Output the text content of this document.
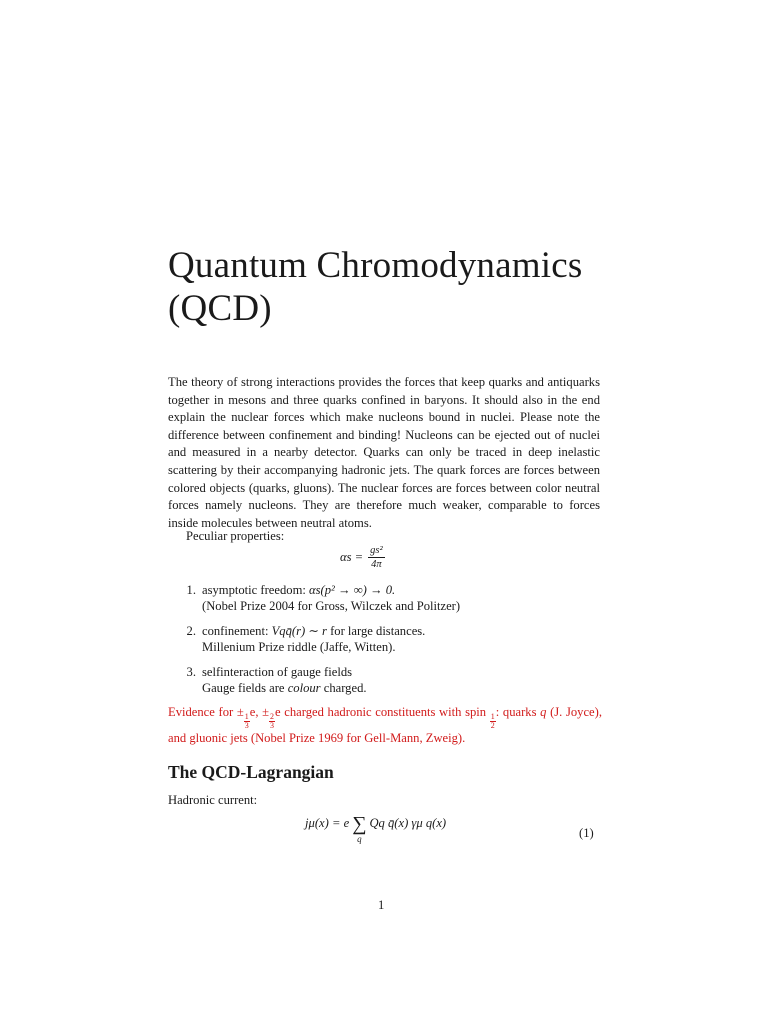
Quantum Chromodynamics (QCD)

The theory of strong interactions provides the forces that keep quarks and antiquarks together in mesons and three quarks confined in baryons. It should also in the end explain the nuclear forces which make nucleons bound in nuclei. Please note the difference between confinement and binding! Nucleons can be ejected out of nuclei and measured in a nearby detector. Quarks can only be traced in deep inelastic scattering by their accompanying hadronic jets. The quark forces are forces between colored objects (quarks, gluons). The nuclear forces are forces between color neutral forces namely nucleons. They are therefore much weaker, comparable to forces inside molecules between neutral atoms.

Peculiar properties:
$\alpha s = \frac{\text{gs²}}{4\pi}$
1. asymptotic freedom: αs(p² → ∞) → 0.
(Nobel Prize 2004 for Gross, Wilczek and Politzer)
2. confinement: Vqq̄(r) ∼ r for large distances.
Millenium Prize riddle (Jaffe, Witten).
3. selfinteraction of gauge fields
Gauge fields are colour charged.

Evidence for ±
$\frac{1}{3}$
e, ±
$\frac{2}{3}$
e charged hadronic constituents with spin
$\frac{1}{2}$
: quarks q (J. Joyce), and gluonic jets (Nobel Prize 1969 for Gell-Mann, Zweig).

The QCD-Lagrangian
Hadronic current:
jμ(x) = e ∑
q
Qq q̄(x) γμ q(x)
(1)
1
